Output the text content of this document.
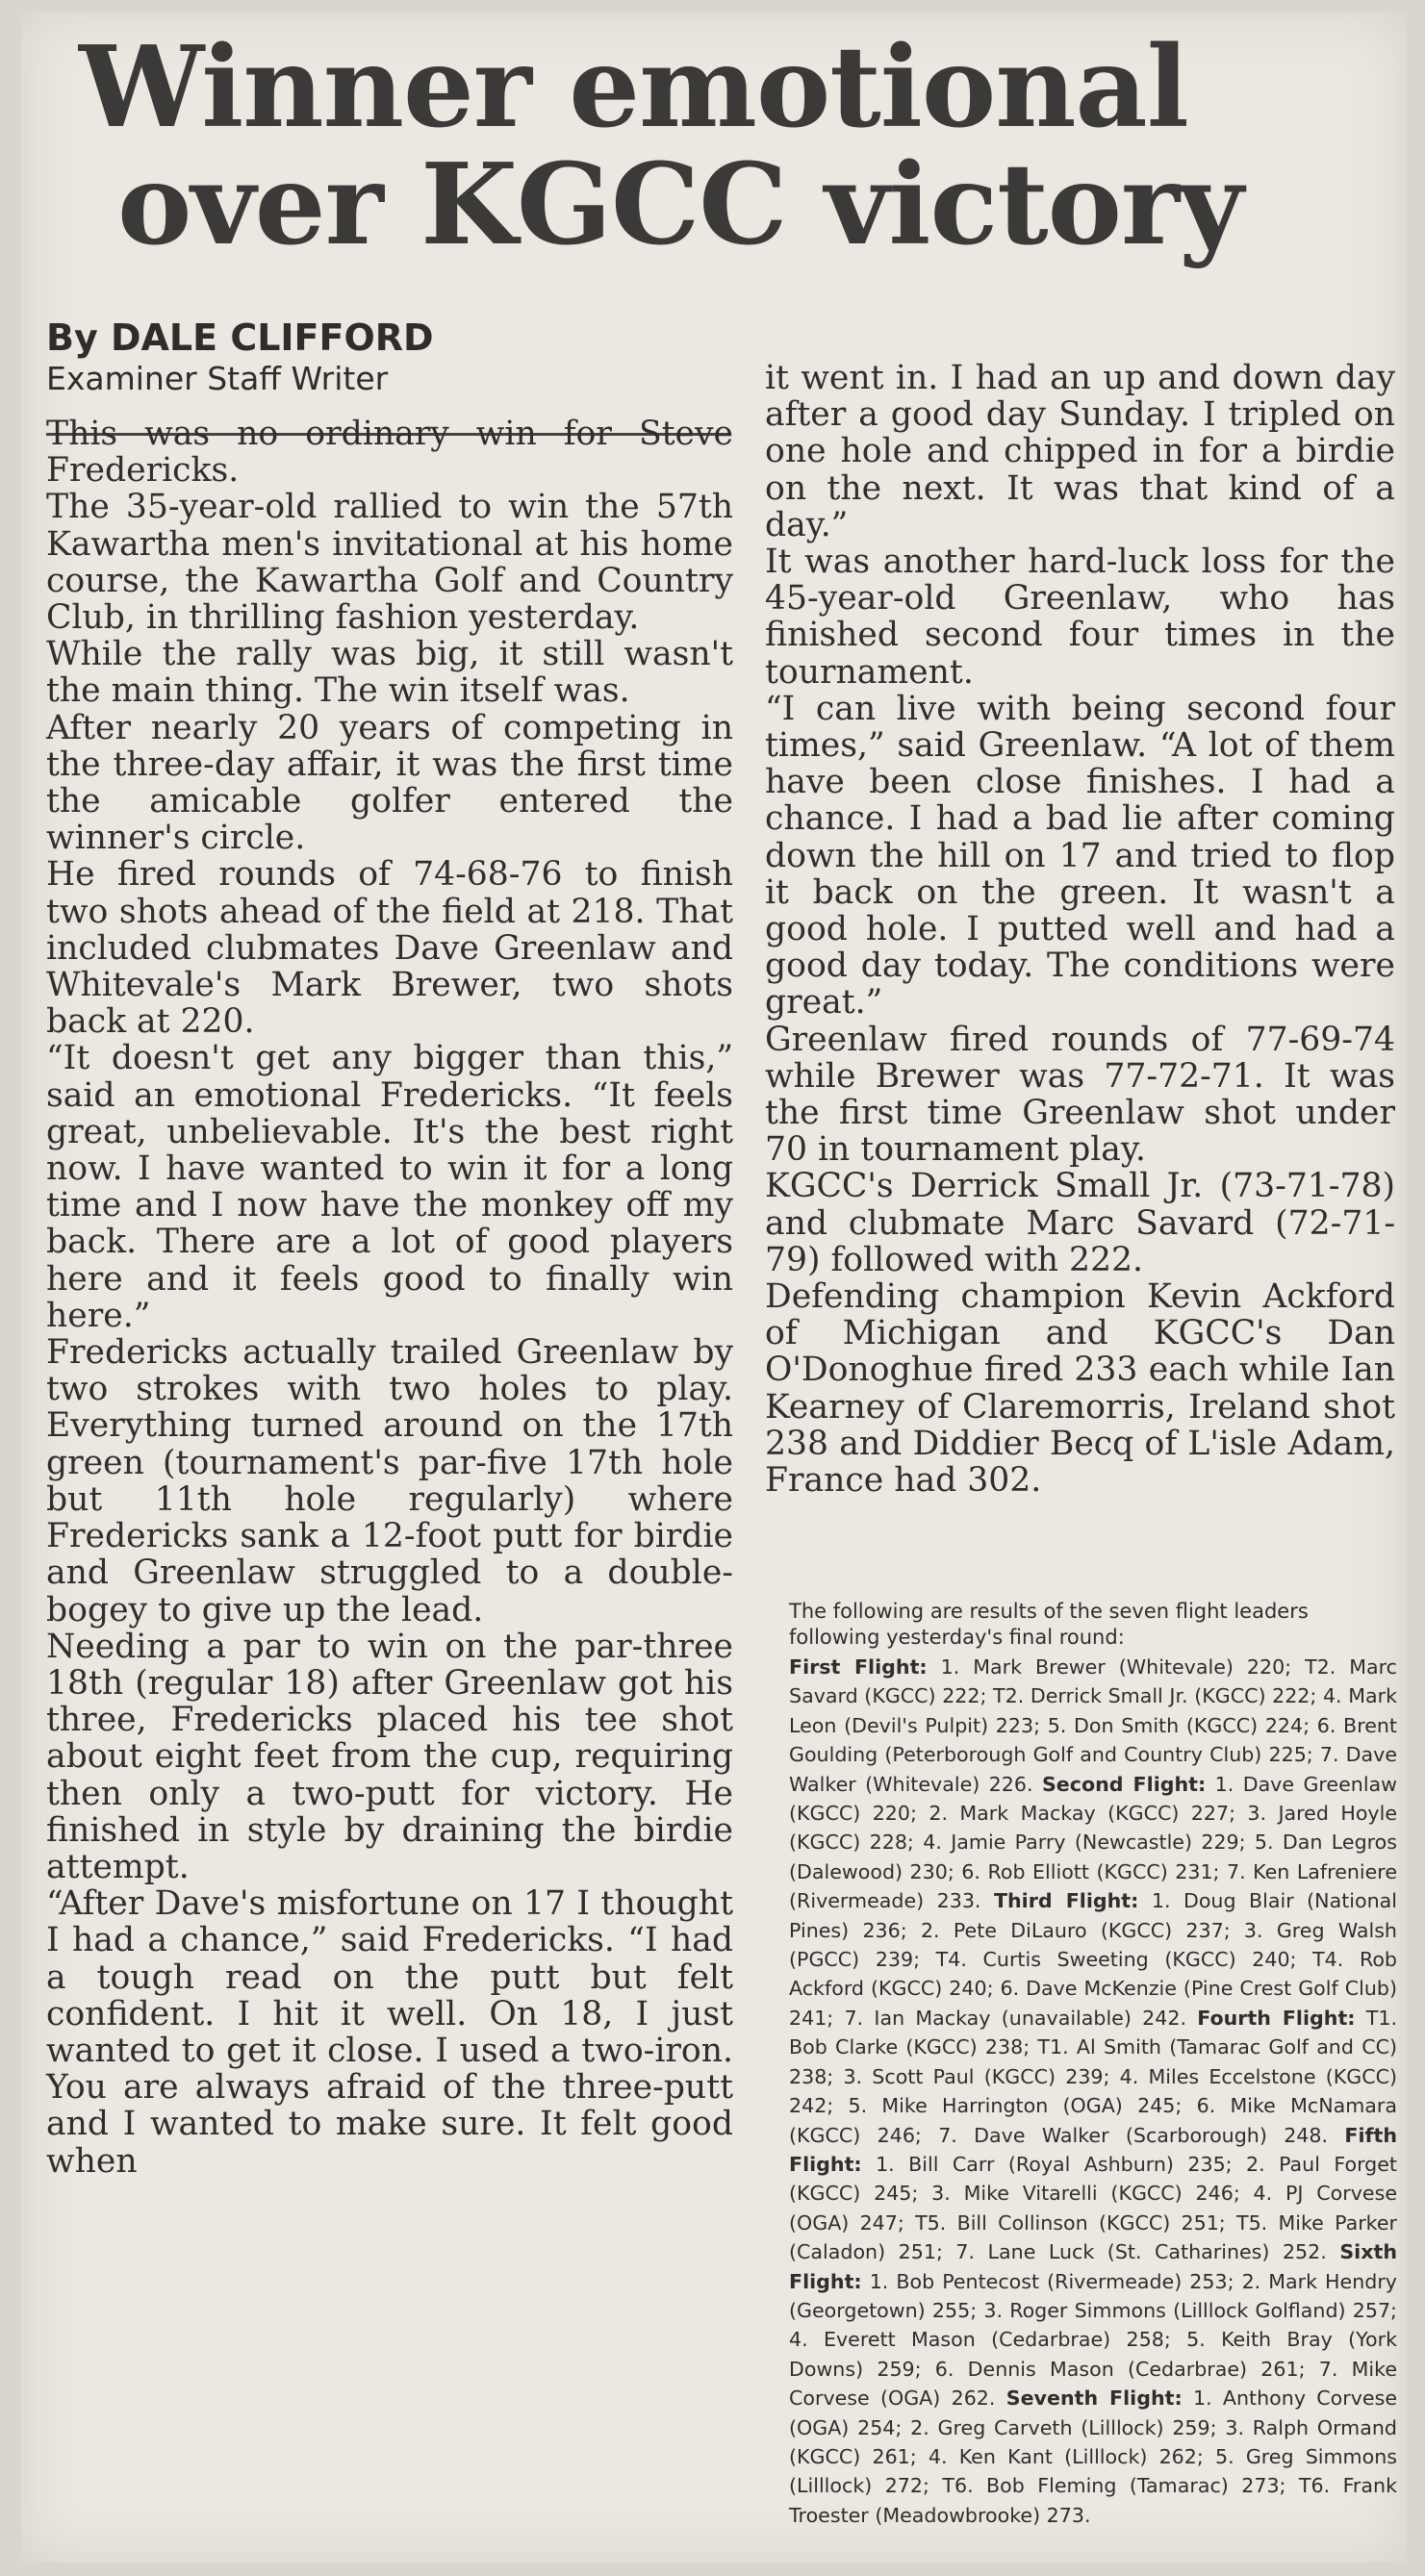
Winner emotional
over KGCC victory
By DALE CLIFFORD
Examiner Staff Writer

This was no ordinary win for Steve Fredericks.

The 35-year-old rallied to win the 57th Kawartha men's invitational at his home course, the Kawartha Golf and Country Club, in thrilling fashion yesterday.

While the rally was big, it still wasn't the main thing. The win itself was.

After nearly 20 years of competing in the three-day affair, it was the first time the amicable golfer entered the winner's circle.

He fired rounds of 74-68-76 to finish two shots ahead of the field at 218. That included clubmates Dave Greenlaw and Whitevale's Mark Brewer, two shots back at 220.

“It doesn't get any bigger than this,” said an emotional Fredericks. “It feels great, unbelievable. It's the best right now. I have wanted to win it for a long time and I now have the monkey off my back. There are a lot of good players here and it feels good to finally win here.”

Fredericks actually trailed Greenlaw by two strokes with two holes to play. Everything turned around on the 17th green (tournament's par-five 17th hole but 11th hole regularly) where Fredericks sank a 12-foot putt for birdie and Greenlaw struggled to a double-bogey to give up the lead.

Needing a par to win on the par-three 18th (regular 18) after Greenlaw got his three, Fredericks placed his tee shot about eight feet from the cup, requiring then only a two-putt for victory. He finished in style by draining the birdie attempt.

“After Dave's misfortune on 17 I thought I had a chance,” said Fredericks. “I had a tough read on the putt but felt confident. I hit it well. On 18, I just wanted to get it close. I used a two-iron. You are always afraid of the three-putt and I wanted to make sure. It felt good when

it went in. I had an up and down day after a good day Sunday. I tripled on one hole and chipped in for a birdie on the next. It was that kind of a day.”

It was another hard-luck loss for the 45-year-old Greenlaw, who has finished second four times in the tournament.

“I can live with being second four times,” said Greenlaw. “A lot of them have been close finishes. I had a chance. I had a bad lie after coming down the hill on 17 and tried to flop it back on the green. It wasn't a good hole. I putted well and had a good day today. The conditions were great.”

Greenlaw fired rounds of 77-69-74 while Brewer was 77-72-71. It was the first time Greenlaw shot under 70 in tournament play.

KGCC's Derrick Small Jr. (73-71-78) and clubmate Marc Savard (72-71-79) followed with 222.

Defending champion Kevin Ackford of Michigan and KGCC's Dan O'Donoghue fired 233 each while Ian Kearney of Claremorris, Ireland shot 238 and Diddier Becq of L'isle Adam, France had 302.

The following are results of the seven flight leaders following yesterday's final round:
First Flight: 1. Mark Brewer (Whitevale) 220; T2. Marc Savard (KGCC) 222; T2. Derrick Small Jr. (KGCC) 222; 4. Mark Leon (Devil's Pulpit) 223; 5. Don Smith (KGCC) 224; 6. Brent Goulding (Peterborough Golf and Country Club) 225; 7. Dave Walker (Whitevale) 226. Second Flight: 1. Dave Greenlaw (KGCC) 220; 2. Mark Mackay (KGCC) 227; 3. Jared Hoyle (KGCC) 228; 4. Jamie Parry (Newcastle) 229; 5. Dan Legros (Dalewood) 230; 6. Rob Elliott (KGCC) 231; 7. Ken Lafreniere (Rivermeade) 233. Third Flight: 1. Doug Blair (National Pines) 236; 2. Pete DiLauro (KGCC) 237; 3. Greg Walsh (PGCC) 239; T4. Curtis Sweeting (KGCC) 240; T4. Rob Ackford (KGCC) 240; 6. Dave McKenzie (Pine Crest Golf Club) 241; 7. Ian Mackay (unavailable) 242. Fourth Flight: T1. Bob Clarke (KGCC) 238; T1. Al Smith (Tamarac Golf and CC) 238; 3. Scott Paul (KGCC) 239; 4. Miles Eccelstone (KGCC) 242; 5. Mike Harrington (OGA) 245; 6. Mike McNamara (KGCC) 246; 7. Dave Walker (Scarborough) 248. Fifth Flight: 1. Bill Carr (Royal Ashburn) 235; 2. Paul Forget (KGCC) 245; 3. Mike Vitarelli (KGCC) 246; 4. PJ Corvese (OGA) 247; T5. Bill Collinson (KGCC) 251; T5. Mike Parker (Caladon) 251; 7. Lane Luck (St. Catharines) 252. Sixth Flight: 1. Bob Pentecost (Rivermeade) 253; 2. Mark Hendry (Georgetown) 255; 3. Roger Simmons (Lilllock Golfland) 257; 4. Everett Mason (Cedarbrae) 258; 5. Keith Bray (York Downs) 259; 6. Dennis Mason (Cedarbrae) 261; 7. Mike Corvese (OGA) 262. Seventh Flight: 1. Anthony Corvese (OGA) 254; 2. Greg Carveth (Lilllock) 259; 3. Ralph Ormand (KGCC) 261; 4. Ken Kant (Lilllock) 262; 5. Greg Simmons (Lilllock) 272; T6. Bob Fleming (Tamarac) 273; T6. Frank Troester (Meadowbrooke) 273.
